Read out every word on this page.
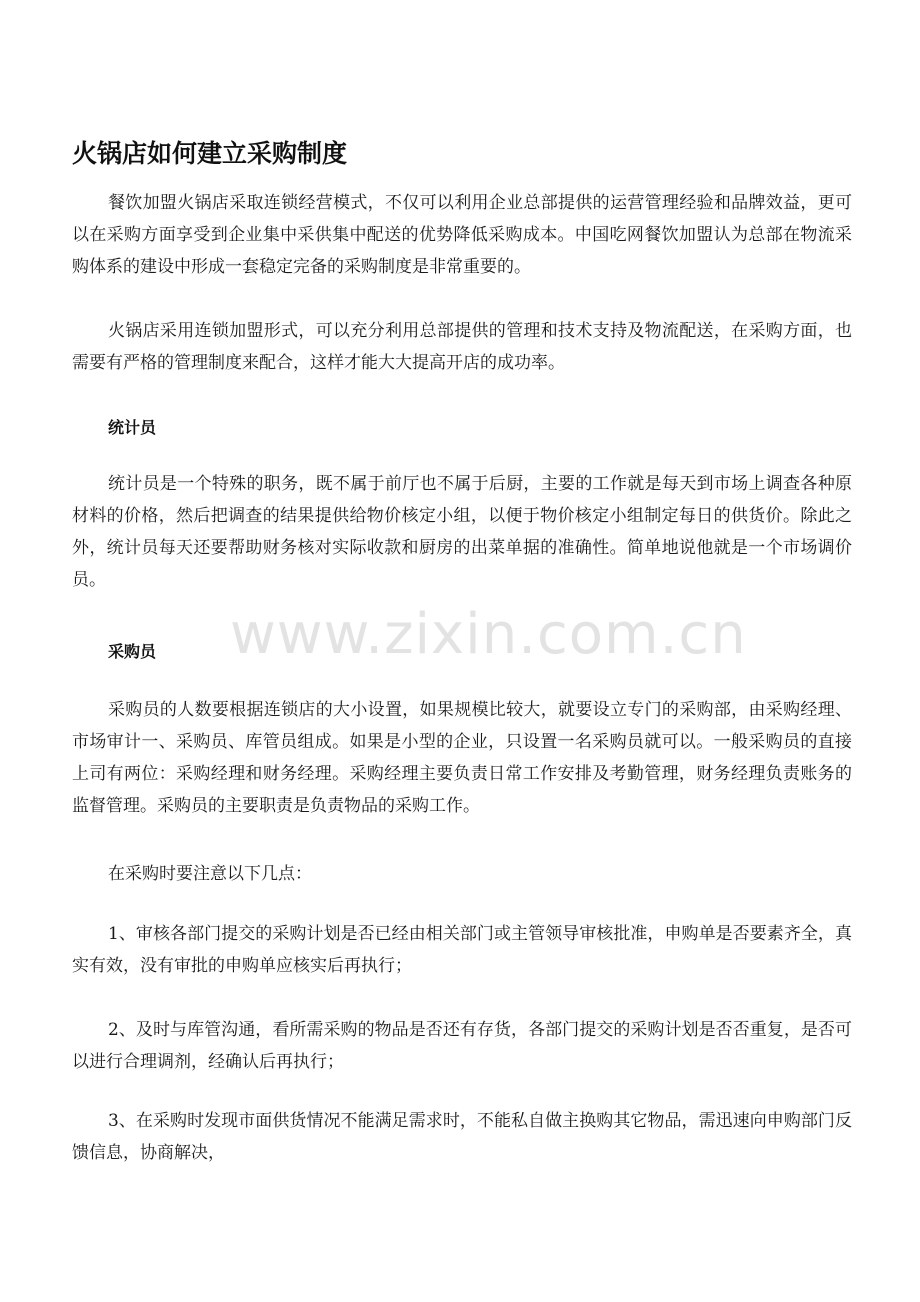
火锅店如何建立采购制度

餐饮加盟火锅店采取连锁经营模式，不仅可以利用企业总部提供的运营管理经验和品牌效益，更可以在采购方面享受到企业集中采供集中配送的优势降低采购成本。中国吃网餐饮加盟认为总部在物流采购体系的建设中形成一套稳定完备的采购制度是非常重要的。

火锅店采用连锁加盟形式，可以充分利用总部提供的管理和技术支持及物流配送，在采购方面，也需要有严格的管理制度来配合，这样才能大大提高开店的成功率。

统计员

统计员是一个特殊的职务，既不属于前厅也不属于后厨，主要的工作就是每天到市场上调查各种原材料的价格，然后把调查的结果提供给物价核定小组，以便于物价核定小组制定每日的供货价。除此之外，统计员每天还要帮助财务核对实际收款和厨房的出菜单据的准确性。简单地说他就是一个市场调价员。

采购员

采购员的人数要根据连锁店的大小设置，如果规模比较大，就要设立专门的采购部，由采购经理、市场审计一、采购员、库管员组成。如果是小型的企业，只设置一名采购员就可以。一般采购员的直接上司有两位：采购经理和财务经理。采购经理主要负责日常工作安排及考勤管理，财务经理负责账务的监督管理。采购员的主要职责是负责物品的采购工作。

在采购时要注意以下几点：

1、审核各部门提交的采购计划是否已经由相关部门或主管领导审核批准，申购单是否要素齐全，真实有效，没有审批的申购单应核实后再执行；

2、及时与库管沟通，看所需采购的物品是否还有存货，各部门提交的采购计划是否否重复，是否可以进行合理调剂，经确认后再执行；

3、在采购时发现市面供货情况不能满足需求时，不能私自做主换购其它物品，需迅速向申购部门反馈信息，协商解决，

www.zixin.com.cn
